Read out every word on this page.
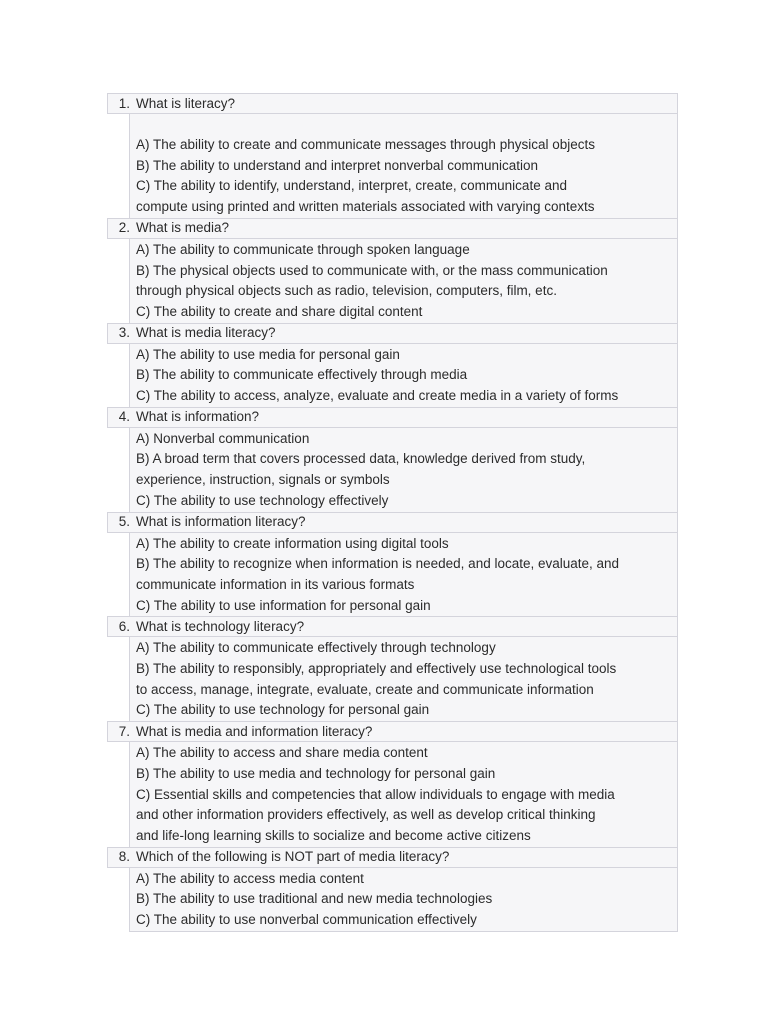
1. What is literacy?
A) The ability to create and communicate messages through physical objects
B) The ability to understand and interpret nonverbal communication
C) The ability to identify, understand, interpret, create, communicate and
compute using printed and written materials associated with varying contexts
2. What is media?
A) The ability to communicate through spoken language
B) The physical objects used to communicate with, or the mass communication
through physical objects such as radio, television, computers, film, etc.
C) The ability to create and share digital content
3. What is media literacy?
A) The ability to use media for personal gain
B) The ability to communicate effectively through media
C) The ability to access, analyze, evaluate and create media in a variety of forms
4. What is information?
A) Nonverbal communication
B) A broad term that covers processed data, knowledge derived from study,
experience, instruction, signals or symbols
C) The ability to use technology effectively
5. What is information literacy?
A) The ability to create information using digital tools
B) The ability to recognize when information is needed, and locate, evaluate, and
communicate information in its various formats
C) The ability to use information for personal gain
6. What is technology literacy?
A) The ability to communicate effectively through technology
B) The ability to responsibly, appropriately and effectively use technological tools
to access, manage, integrate, evaluate, create and communicate information
C) The ability to use technology for personal gain
7. What is media and information literacy?
A) The ability to access and share media content
B) The ability to use media and technology for personal gain
C) Essential skills and competencies that allow individuals to engage with media
and other information providers effectively, as well as develop critical thinking
and life-long learning skills to socialize and become active citizens
8. Which of the following is NOT part of media literacy?
A) The ability to access media content
B) The ability to use traditional and new media technologies
C) The ability to use nonverbal communication effectively
